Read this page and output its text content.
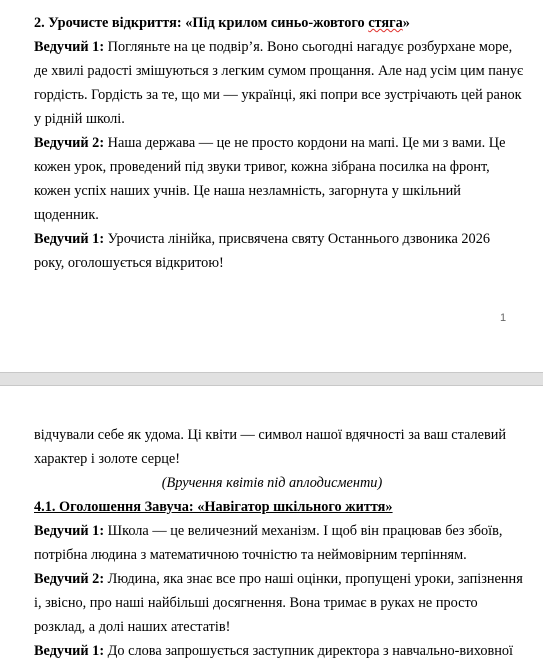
2. Урочисте відкриття: «Під крилом синьо-жовтого стяга»
Ведучий 1: Погляньте на це подвір’я. Воно сьогодні нагадує розбурхане море,
де хвилі радості змішуються з легким сумом прощання. Але над усім цим панує
гордість. Гордість за те, що ми — українці, які попри все зустрічають цей ранок
у рідній школі.
Ведучий 2: Наша держава — це не просто кордони на мапі. Це ми з вами. Це
кожен урок, проведений під звуки тривог, кожна зібрана посилка на фронт,
кожен успіх наших учнів. Це наша незламність, загорнута у шкільний
щоденник.
Ведучий 1: Урочиста лінійка, присвячена святу Останнього дзвоника 2026
року, оголошується відкритою!
1
відчували себе як удома. Ці квіти — символ нашої вдячності за ваш сталевий
характер і золоте серце!
(Вручення квітів під аплодисменти)
4.1. Оголошення Завуча: «Навігатор шкільного життя»
Ведучий 1: Школа — це величезний механізм. І щоб він працював без збоїв,
потрібна людина з математичною точністю та неймовірним терпінням.
Ведучий 2: Людина, яка знає все про наші оцінки, пропущені уроки, запізнення
і, звісно, про наші найбільші досягнення. Вона тримає в руках не просто
розклад, а долі наших атестатів!
Ведучий 1: До слова запрошується заступник директора з навчально-виховної
